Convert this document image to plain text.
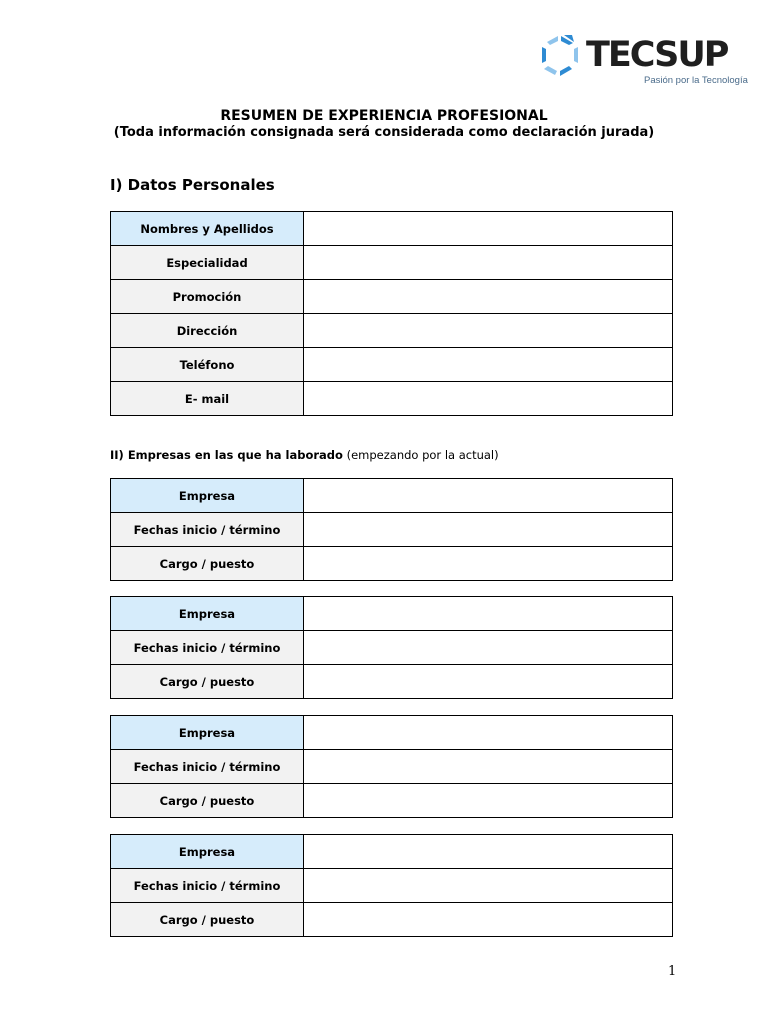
TECSUP
Pasión por la Tecnología
RESUMEN DE EXPERIENCIA PROFESIONAL
(Toda información consignada será considerada como declaración jurada)
I) Datos Personales
Nombres y Apellidos	
Especialidad	
Promoción	
Dirección	
Teléfono	
E- mail	
II) Empresas en las que ha laborado (empezando por la actual)
Empresa	
Fechas inicio / término	
Cargo / puesto	
Empresa	
Fechas inicio / término	
Cargo / puesto	
Empresa	
Fechas inicio / término	
Cargo / puesto	
Empresa	
Fechas inicio / término	
Cargo / puesto	
1
